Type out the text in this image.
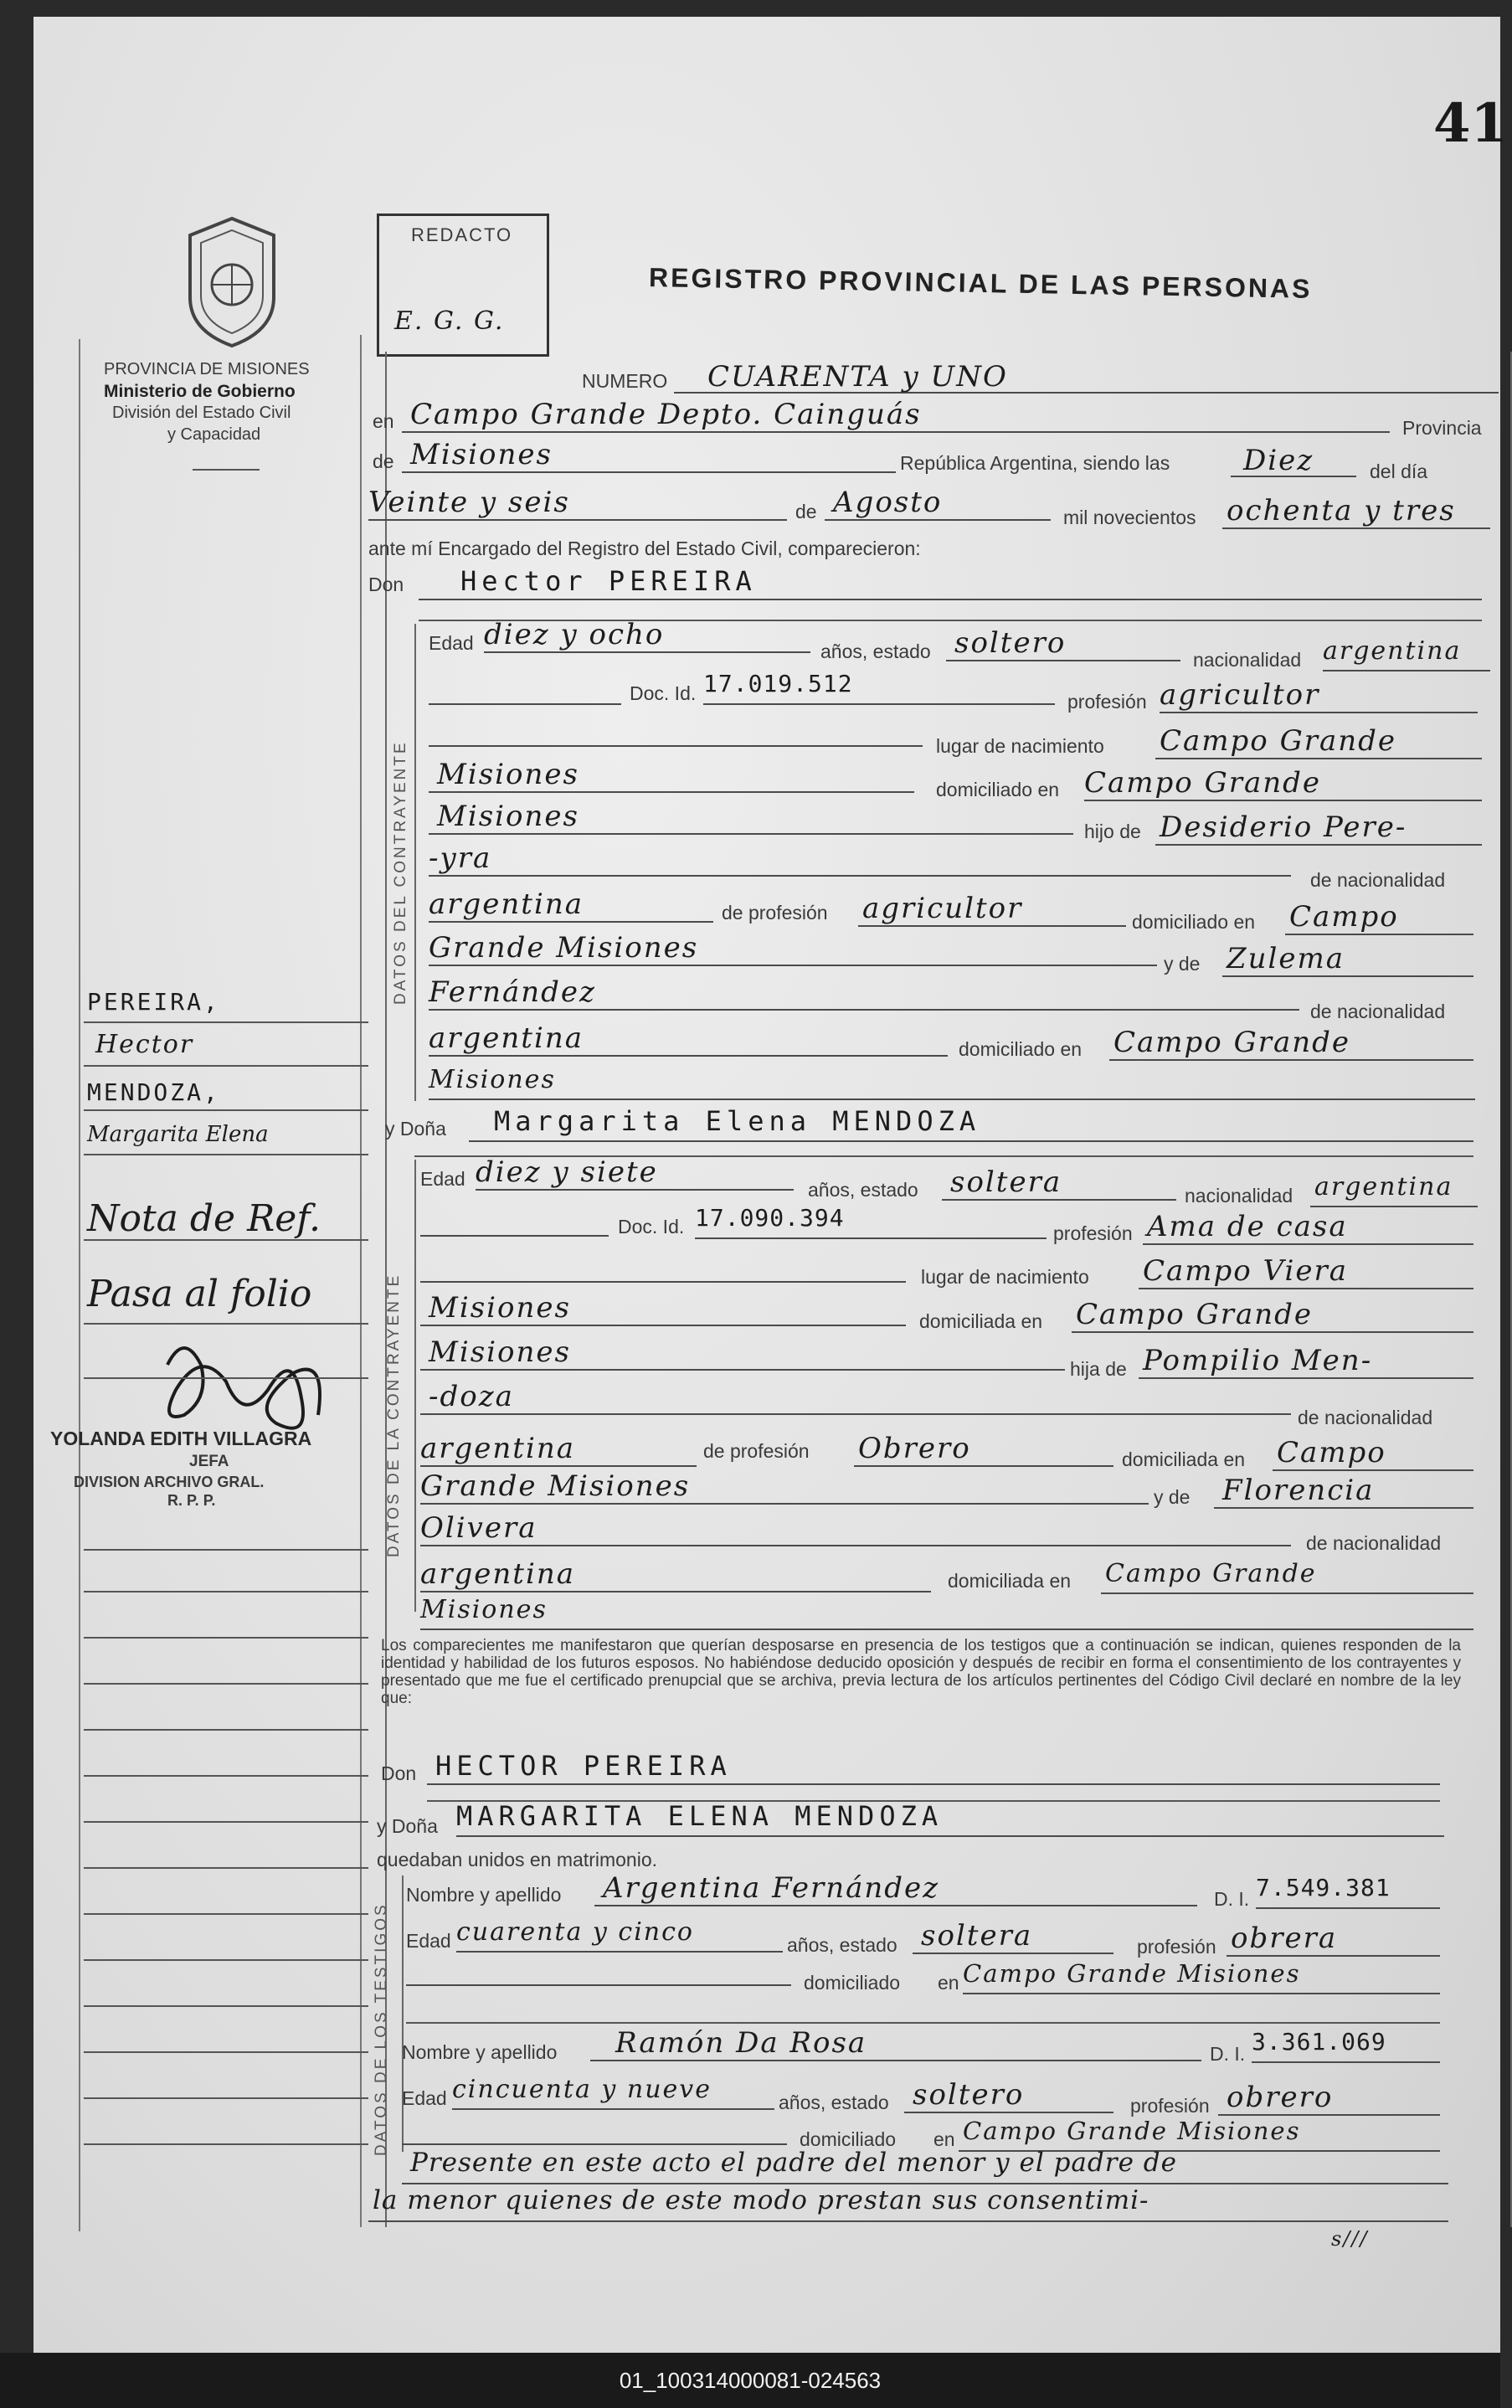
41
PROVINCIA DE MISIONES
Ministerio de Gobierno
División del Estado Civil
y Capacidad
REDACTO
E. G. G.
REGISTRO PROVINCIAL DE LAS PERSONAS
PEREIRA,
Hector
MENDOZA,
Margarita Elena
Nota de Ref.
Pasa al folio
YOLANDA EDITH VILLAGRA
JEFA
DIVISION ARCHIVO GRAL.
R. P. P.
NUMERO CUARENTA y UNO
en Campo Grande Depto. Cainguás	Provincia
de Misiones	República Argentina, siendo las	Diez	del día
Veinte y seis	de Agosto	mil novecientos ochenta y tres
ante mí Encargado del Registro del Estado Civil, comparecieron:
Don Hector PEREIRA
DATOS DEL CONTRAYENTE
Edad diez y ocho	años, estado soltero	nacionalidad argentina
Doc. Id. 17.019.512
profesión agricultor
lugar de nacimiento Campo Grande
Misiones	domiciliado en Campo Grande
Misiones	hijo de Desiderio Pere-
-yra
de nacionalidad
argentina	de profesión agricultor	domiciliado en Campo
Grande Misiones	y de Zulema
Fernández
de nacionalidad
argentina	domiciliado en Campo Grande
Misiones
y Doña Margarita Elena MENDOZA
DATOS DE LA CONTRAYENTE
Edad diez y siete
años, estado soltera	nacionalidad argentina
Doc. Id. 17.090.394
profesión Ama de casa
lugar de nacimiento Campo Viera
Misiones	domiciliada en Campo Grande
Misiones	hija de Pompilio Men-
-doza
de nacionalidad
argentina	de profesión Obrero	domiciliada en Campo
Grande Misiones	y de Florencia
Olivera	de nacionalidad
argentina	domiciliada en Campo Grande
Misiones
Los comparecientes me manifestaron que querían desposarse en presencia de los testigos que a continuación se indican, quienes responden de la identidad y habilidad de los futuros esposos. No habiéndose deducido oposición y después de recibir en forma el consentimiento de los contrayentes y presentado que me fue el certificado prenupcial que se archiva, previa lectura de los artículos pertinentes del Código Civil declaré en nombre de la ley que:
Don HECTOR PEREIRA
y Doña MARGARITA ELENA MENDOZA
quedaban unidos en matrimonio.
DATOS DE LOS TESTIGOS
Nombre y apellido Argentina Fernández	D. I. 7.549.381
Edad cuarenta y cinco	años, estado soltera	profesión obrera
domiciliado en Campo Grande Misiones
Nombre y apellido Ramón Da Rosa	D. I. 3.361.069
Edad cincuenta y nueve	años, estado soltero	profesión obrero
domiciliado en Campo Grande Misiones
Presente en este acto el padre del menor y el padre de
la menor quienes de este modo prestan sus consentimi-
s///
01_100314000081-024563
